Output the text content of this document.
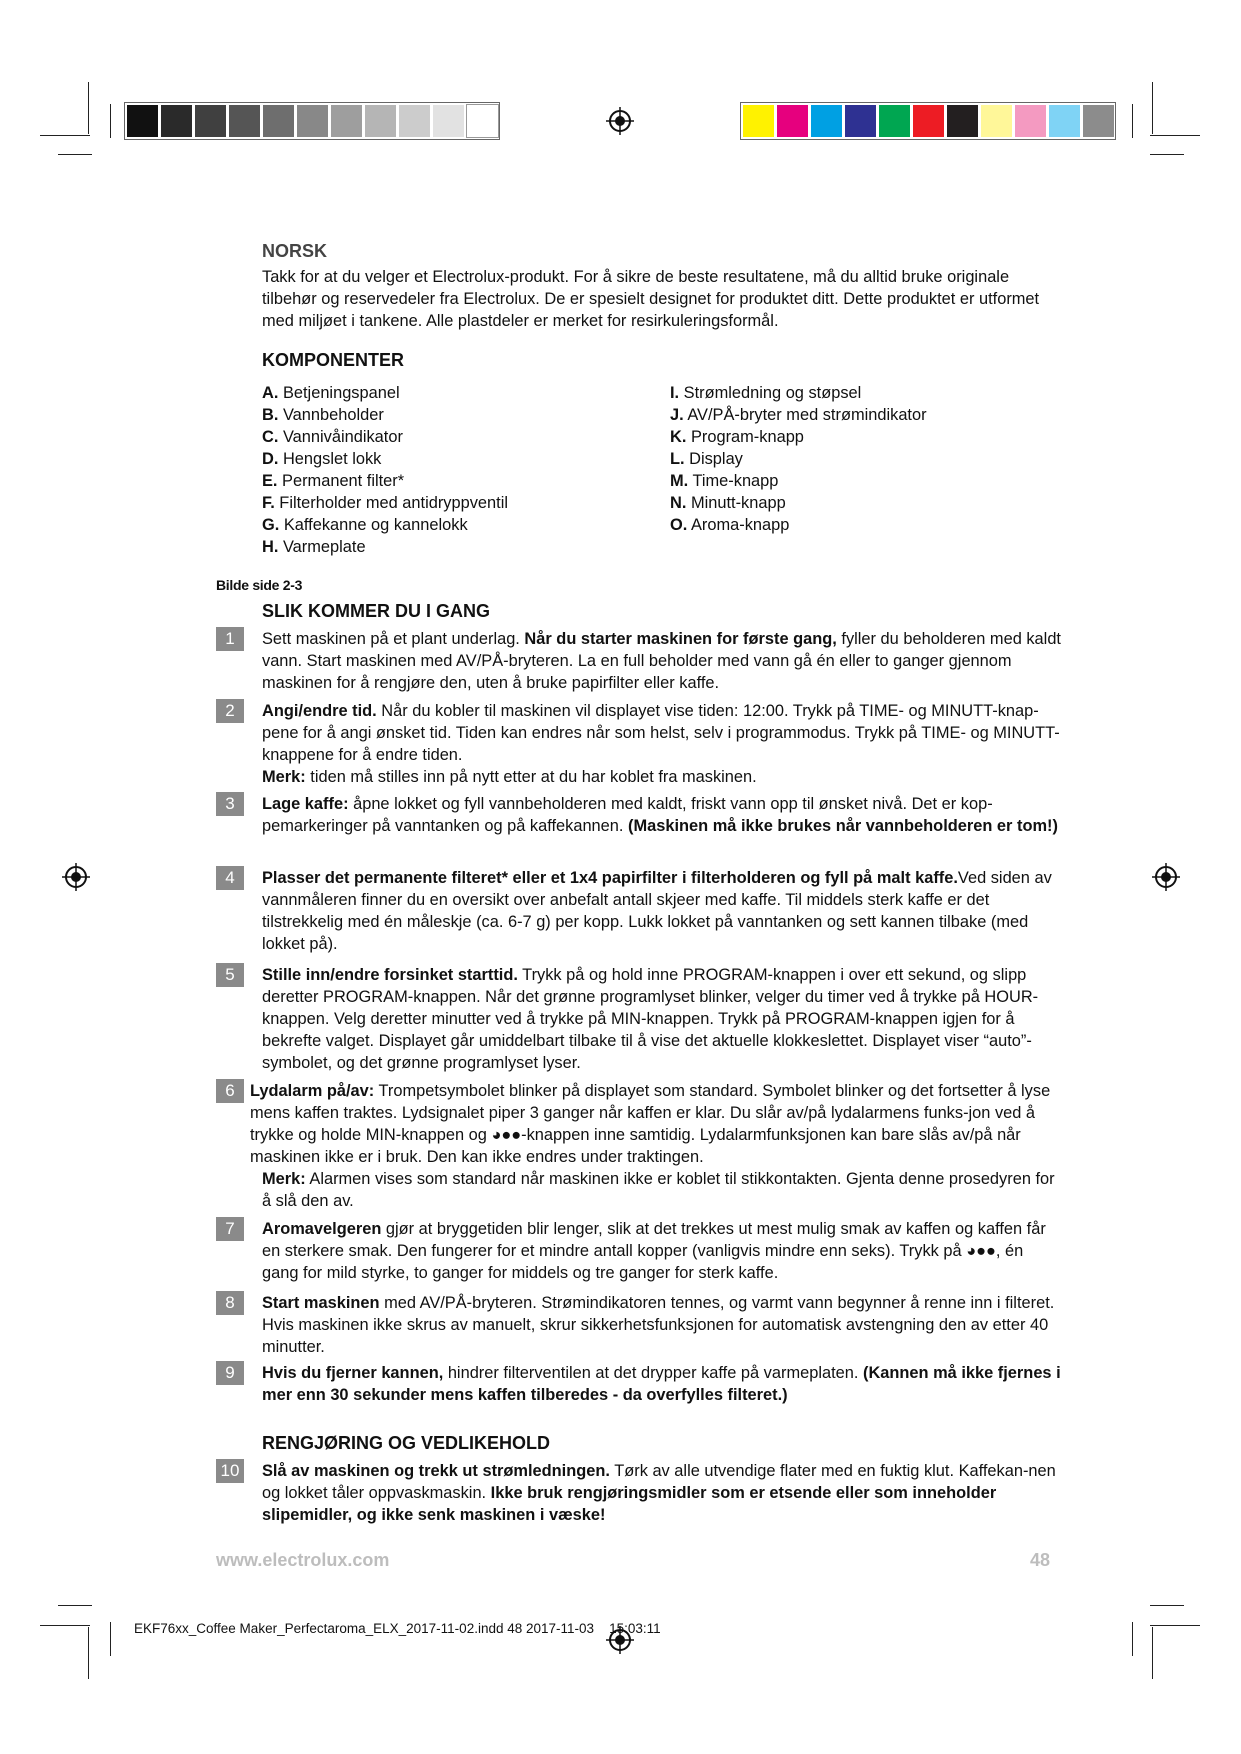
NORSK
Takk for at du velger et Electrolux-produkt. For å sikre de beste resultatene, må du alltid bruke originale tilbehør og reservedeler fra Electrolux. De er spesielt designet for produktet ditt. Dette produktet er utformet med miljøet i tankene. Alle plastdeler er merket for resirkuleringsformål.
KOMPONENTER
A. Betjeningspanel
B. Vannbeholder
C. Vannivåindikator
D. Hengslet lokk
E. Permanent filter*
F. Filterholder med antidryppventil
G. Kaffekanne og kannelokk
H. Varmeplate
I. Strømledning og støpsel
J. AV/PÅ-bryter med strømindikator
K. Program-knapp
L. Display
M. Time-knapp
N. Minutt-knapp
O. Aroma-knapp
Bilde side 2-3
SLIK KOMMER DU I GANG
1	Sett maskinen på et plant underlag. Når du starter maskinen for første gang, fyller du beholderen med kaldt vann. Start maskinen med AV/PÅ-bryteren. La en full beholder med vann gå én eller to ganger gjennom maskinen for å rengjøre den, uten å bruke papirfilter eller kaffe.
2	Angi/endre tid. Når du kobler til maskinen vil displayet vise tiden: 12:00. Trykk på TIME- og MINUTT-knap-pene for å angi ønsket tid. Tiden kan endres når som helst, selv i programmodus. Trykk på TIME- og MINUTT-knappene for å endre tiden.
Merk: tiden må stilles inn på nytt etter at du har koblet fra maskinen.
3	Lage kaffe: åpne lokket og fyll vannbeholderen med kaldt, friskt vann opp til ønsket nivå. Det er kop-pemarkeringer på vanntanken og på kaffekannen. (Maskinen må ikke brukes når vannbeholderen er tom!)
4	Plasser det permanente filteret* eller et 1x4 papirfilter i filterholderen og fyll på malt kaffe.Ved siden av vannmåleren finner du en oversikt over anbefalt antall skjeer med kaffe. Til middels sterk kaffe er det tilstrekkelig med én måleskje (ca. 6-7 g) per kopp. Lukk lokket på vanntanken og sett kannen tilbake (med lokket på).
5	Stille inn/endre forsinket starttid. Trykk på og hold inne PROGRAM-knappen i over ett sekund, og slipp deretter PROGRAM-knappen. Når det grønne programlyset blinker, velger du timer ved å trykke på HOUR-knappen. Velg deretter minutter ved å trykke på MIN-knappen. Trykk på PROGRAM-knappen igjen for å bekrefte valget. Displayet går umiddelbart tilbake til å vise det aktuelle klokkeslettet. Displayet viser “auto”-symbolet, og det grønne programlyset lyser.
6 Lydalarm på/av: Trompetsymbolet blinker på displayet som standard. Symbolet blinker og det fortsetter å lyse mens kaffen traktes. Lydsignalet piper 3 ganger når kaffen er klar. Du slår av/på lydalarmens funks-jon ved å trykke og holde MIN-knappen og ◕●●-knappen inne samtidig. Lydalarmfunksjonen kan bare slås av/på når maskinen ikke er i bruk. Den kan ikke endres under traktingen.
Merk: Alarmen vises som standard når maskinen ikke er koblet til stikkontakten. Gjenta denne prosedyren for å slå den av.
7	Aromavelgeren gjør at bryggetiden blir lenger, slik at det trekkes ut mest mulig smak av kaffen og kaffen får en sterkere smak. Den fungerer for et mindre antall kopper (vanligvis mindre enn seks). Trykk på ◕●●, én gang for mild styrke, to ganger for middels og tre ganger for sterk kaffe.
8	Start maskinen med AV/PÅ-bryteren. Strømindikatoren tennes, og varmt vann begynner å renne inn i filteret. Hvis maskinen ikke skrus av manuelt, skrur sikkerhetsfunksjonen for automatisk avstengning den av etter 40 minutter.
9	Hvis du fjerner kannen, hindrer filterventilen at det drypper kaffe på varmeplaten. (Kannen må ikke fjernes i mer enn 30 sekunder mens kaffen tilberedes - da overfylles filteret.)
RENGJØRING OG VEDLIKEHOLD
10 Slå av maskinen og trekk ut strømledningen. Tørk av alle utvendige flater med en fuktig klut. Kaffekan-nen og lokket tåler oppvaskmaskin. Ikke bruk rengjøringsmidler som er etsende eller som inneholder slipemidler, og ikke senk maskinen i væske!
www.electrolux.com	48
EKF76xx_Coffee Maker_Perfectaroma_ELX_2017-11-02.indd 48 2017-11-03 15:03:11
